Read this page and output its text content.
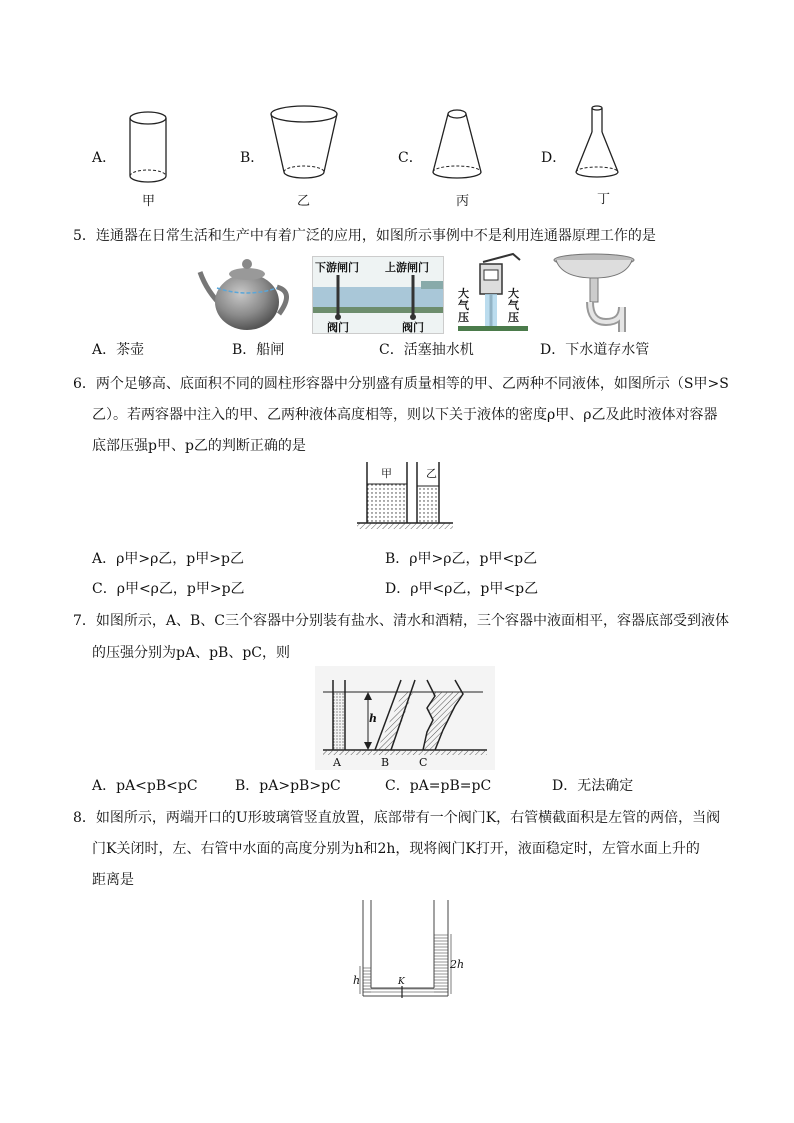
A．	B．	C．	D．
甲	乙	丙	丁
5．连通器在日常生活和生产中有着广泛的应用，如图所示事例中不是利用连通器原理工作的是
下游闸门 上游闸门
阀门	阀门
大气压
大气压
A．茶壶	B．船闸	C．活塞抽水机	D．下水道存水管
6．两个足够高、底面积不同的圆柱形容器中分别盛有质量相等的甲、乙两种不同液体，如图所示（S甲>S
乙）。若两容器中注入的甲、乙两种液体高度相等，则以下关于液体的密度ρ甲、ρ乙及此时液体对容器
底部压强p甲、p乙的判断正确的是
甲	乙
A．ρ甲>ρ乙，p甲>p乙	B．ρ甲>ρ乙，p甲<p乙
C．ρ甲<ρ乙，p甲>p乙	D．ρ甲<ρ乙，p甲<p乙
7．如图所示，A、B、C三个容器中分别装有盐水、清水和酒精，三个容器中液面相平，容器底部受到液体
的压强分别为pA、pB、pC，则
h
A	B	C
A．pA<pB<pC	B．pA>pB>pC	C．pA=pB=pC	D．无法确定
8．如图所示，两端开口的U形玻璃管竖直放置，底部带有一个阀门K，右管横截面积是左管的两倍，当阀
门K关闭时，左、右管中水面的高度分别为h和2h，现将阀门K打开，液面稳定时，左管水面上升的
距离是
h	K
2h
